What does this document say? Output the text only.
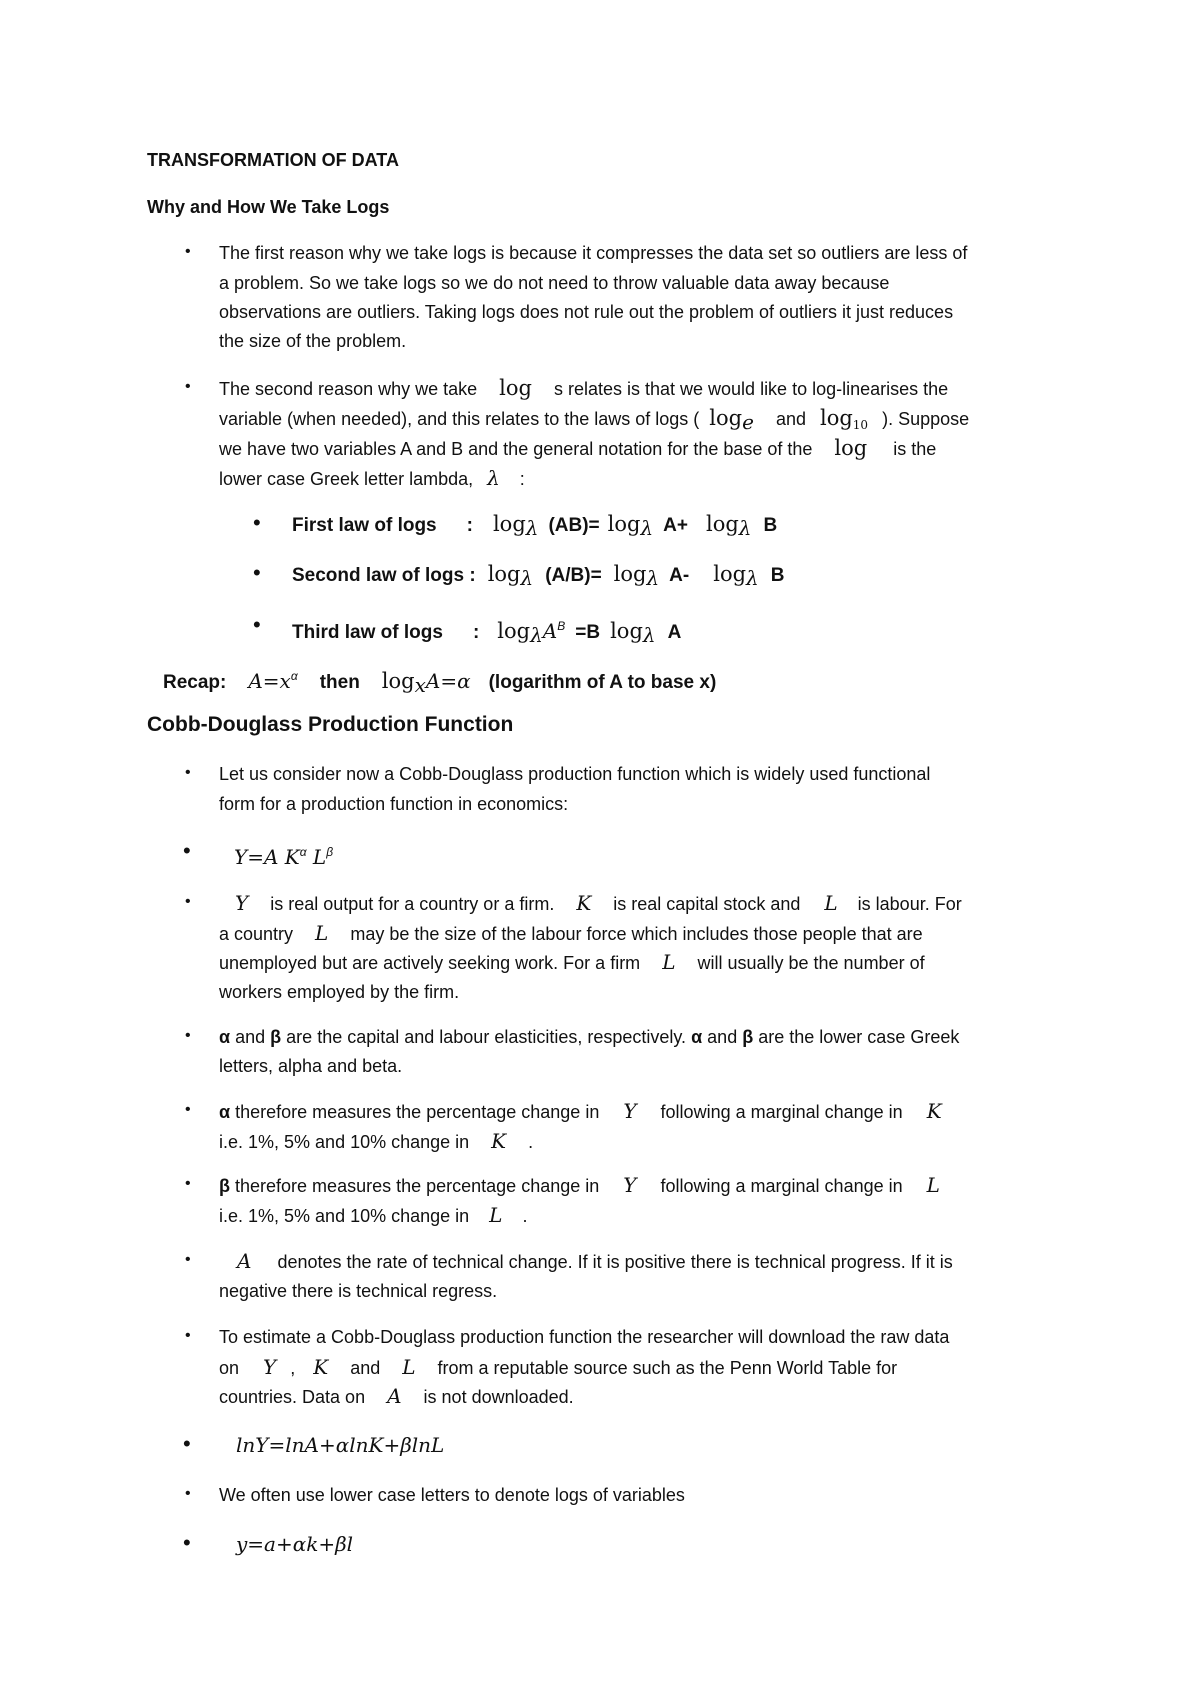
TRANSFORMATION OF DATA
Why and How We Take Logs
• The first reason why we take logs is because it compresses the data set so outliers are less of
a problem. So we take logs so we do not need to throw valuable data away because
observations are outliers. Taking logs does not rule out the problem of outliers it just reduces
the size of the problem.
• The second reason why we take log s relates is that we would like to log-linearises the
variable (when needed), and this relates to the laws of logs ( loge and $\log_{10}$ ). Suppose
we have two variables A and B and the general notation for the base of the log is the
lower case Greek letter lambda, λ :
• First law of logs : logλ (AB)= logλ A+ logλ B
• Second law of logs : logλ (A/B)= logλ A- logλ B
• Third law of logs : logλA$^B$ =B logλ A
Recap: $A=x^\alpha$ then logxA=α (logarithm of A to base x)
Cobb-Douglass Production Function
• Let us consider now a Cobb-Douglass production function which is widely used functional
form for a production function in economics:
• Y=A $K^\alpha$ $L^\beta$
•	Y is real output for a country or a firm. K is real capital stock and L is labour. For
a country L may be the size of the labour force which includes those people that are
unemployed but are actively seeking work. For a firm L will usually be the number of
workers employed by the firm.
• α and β are the capital and labour elasticities, respectively. α and β are the lower case Greek
letters, alpha and beta.
• α therefore measures the percentage change in Y following a marginal change in K
i.e. 1%, 5% and 10% change in K .
• β therefore measures the percentage change in Y following a marginal change in L
i.e. 1%, 5% and 10% change in L .
•	A denotes the rate of technical change. If it is positive there is technical progress. If it is
negative there is technical regress.
• To estimate a Cobb-Douglass production function the researcher will download the raw data
on Y , K and L from a reputable source such as the Penn World Table for
countries. Data on A is not downloaded.
• lnY=lnA+αlnK+βlnL
• We often use lower case letters to denote logs of variables
• y=a+αk+βl
